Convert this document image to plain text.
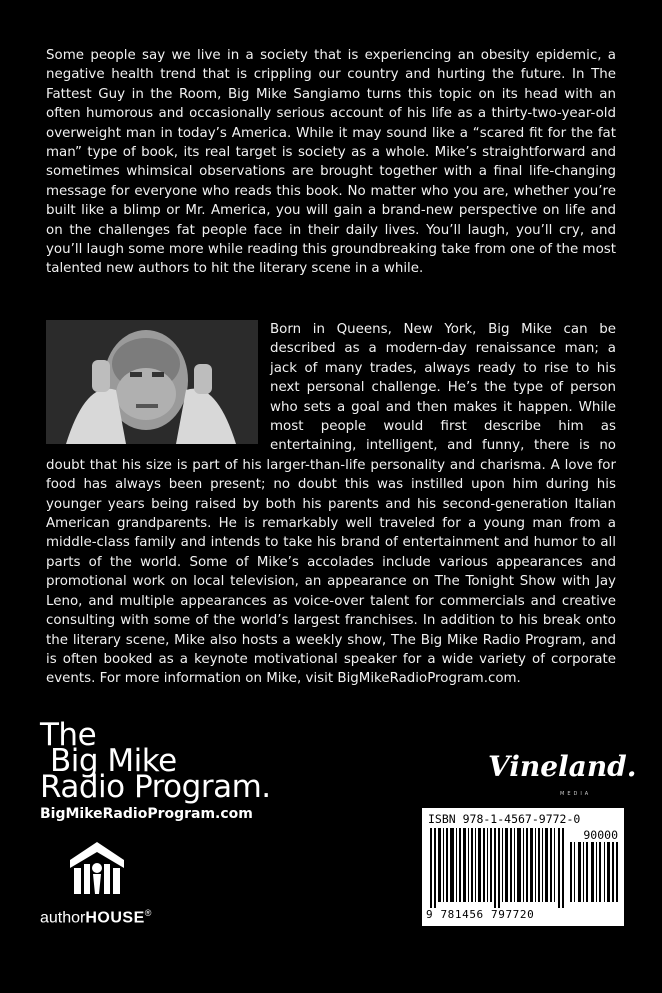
Some people say we live in a society that is experiencing an obesity epidemic, a negative health trend that is crippling our country and hurting the future. In The Fattest Guy in the Room, Big Mike Sangiamo turns this topic on its head with an often humorous and occasionally serious account of his life as a thirty-two-year-old overweight man in today’s America. While it may sound like a “scared fit for the fat man” type of book, its real target is society as a whole. Mike’s straightforward and sometimes whimsical observations are brought together with a final life-changing message for everyone who reads this book. No matter who you are, whether you’re built like a blimp or Mr. America, you will gain a brand-new perspective on life and on the challenges fat people face in their daily lives. You’ll laugh, you’ll cry, and you’ll laugh some more while reading this groundbreaking take from one of the most talented new authors to hit the literary scene in a while.

Born in Queens, New York, Big Mike can be described as a modern-day renaissance man; a jack of many trades, always ready to rise to his next personal challenge. He’s the type of person who sets a goal and then makes it happen. While most people would first describe him as entertaining, intelligent, and funny, there is no doubt that his size is part of his larger-than-life personality and charisma. A love for food has always been present; no doubt this was instilled upon him during his younger years being raised by both his parents and his second-generation Italian American grandparents. He is remarkably well traveled for a young man from a middle-class family and intends to take his brand of entertainment and humor to all parts of the world. Some of Mike’s accolades include various appearances and promotional work on local television, an appearance on The Tonight Show with Jay Leno, and multiple appearances as voice-over talent for commercials and creative consulting with some of the world’s largest franchises. In addition to his break onto the literary scene, Mike also hosts a weekly show, The Big Mike Radio Program, and is often booked as a keynote motivational speaker for a wide variety of corporate events. For more information on Mike, visit BigMikeRadioProgram.com.
The
Big Mike
Radio Program.
BigMikeRadioProgram.com
authorHOUSE®
Vineland.
MEDIA
ISBN 978-1-4567-9772-0
90000
9 781456 797720
